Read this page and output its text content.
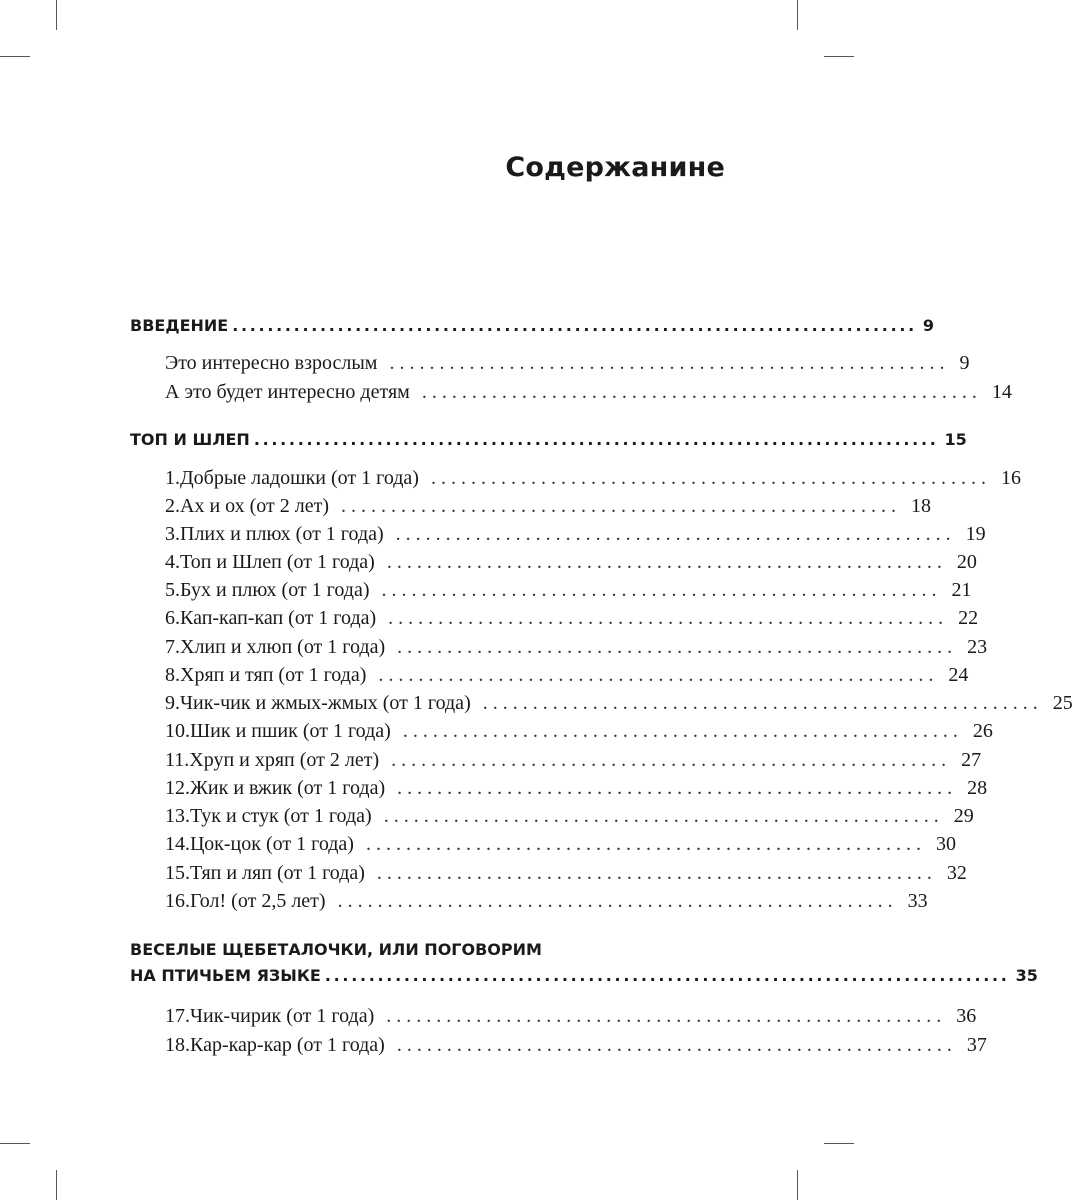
Содержанине
ВВЕДЕНИЕ .............................................................................. 9
Это интересно взрослым ........................................................ 9
А это будет интересно детям ........................................................ 14
ТОП И ШЛЕП .............................................................................. 15
1. Добрые ладошки (от 1 года) ........................................................ 16
2. Ах и ох (от 2 лет) ........................................................ 18
3. Плих и плюх (от 1 года) ........................................................ 19
4. Топ и Шлеп (от 1 года) ........................................................ 20
5. Бух и плюх (от 1 года) ........................................................ 21
6. Кап-кап-кап (от 1 года) ........................................................ 22
7. Хлип и хлюп (от 1 года) ........................................................ 23
8. Хряп и тяп (от 1 года) ........................................................ 24
9. Чик-чик и жмых-жмых (от 1 года) ........................................................ 25
10. Шик и пшик (от 1 года) ........................................................ 26
11. Хруп и хряп (от 2 лет) ........................................................ 27
12. Жик и вжик (от 1 года) ........................................................ 28
13. Тук и стук (от 1 года) ........................................................ 29
14. Цок-цок (от 1 года) ........................................................ 30
15. Тяп и ляп (от 1 года) ........................................................ 32
16. Гол! (от 2,5 лет) ........................................................ 33
ВЕСЕЛЫЕ ЩЕБЕТАЛОЧКИ, ИЛИ ПОГОВОРИМ
НА ПТИЧЬЕМ ЯЗЫКЕ .............................................................................. 35
17. Чик-чирик (от 1 года) ........................................................ 36
18. Кар-кар-кар (от 1 года) ........................................................ 37
